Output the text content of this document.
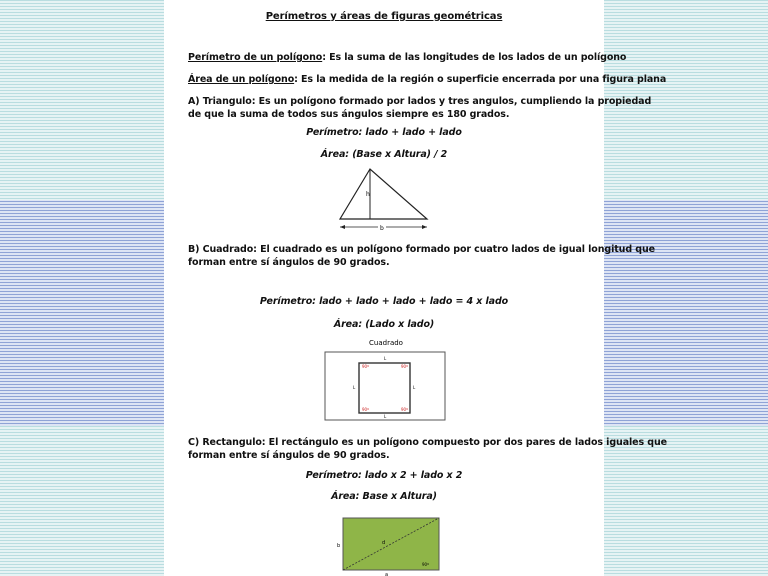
Perímetros y áreas de figuras geométricas
Perímetro de un polígono: Es la suma de las longitudes de los lados de un polígono
Área de un polígono: Es la medida de la región o superficie encerrada por una figura plana
A) Triangulo: Es un polígono formado por lados y tres angulos, cumpliendo la propiedad
de que la suma de todos sus ángulos siempre es 180 grados.
Perímetro: lado + lado + lado
Área: (Base x Altura) / 2
h
b
B) Cuadrado: El cuadrado es un polígono formado por cuatro lados de igual longitud que
forman entre sí ángulos de 90 grados.
Perímetro: lado + lado + lado + lado = 4 x lado
Área: (Lado x lado)
Cuadrado
L
L	L
L
90º	90º
90º	90º
C) Rectangulo: El rectángulo es un polígono compuesto por dos pares de lados iguales que
forman entre sí ángulos de 90 grados.
Perímetro: lado x 2 + lado x 2
Área: Base x Altura)
b	d
90º
a
